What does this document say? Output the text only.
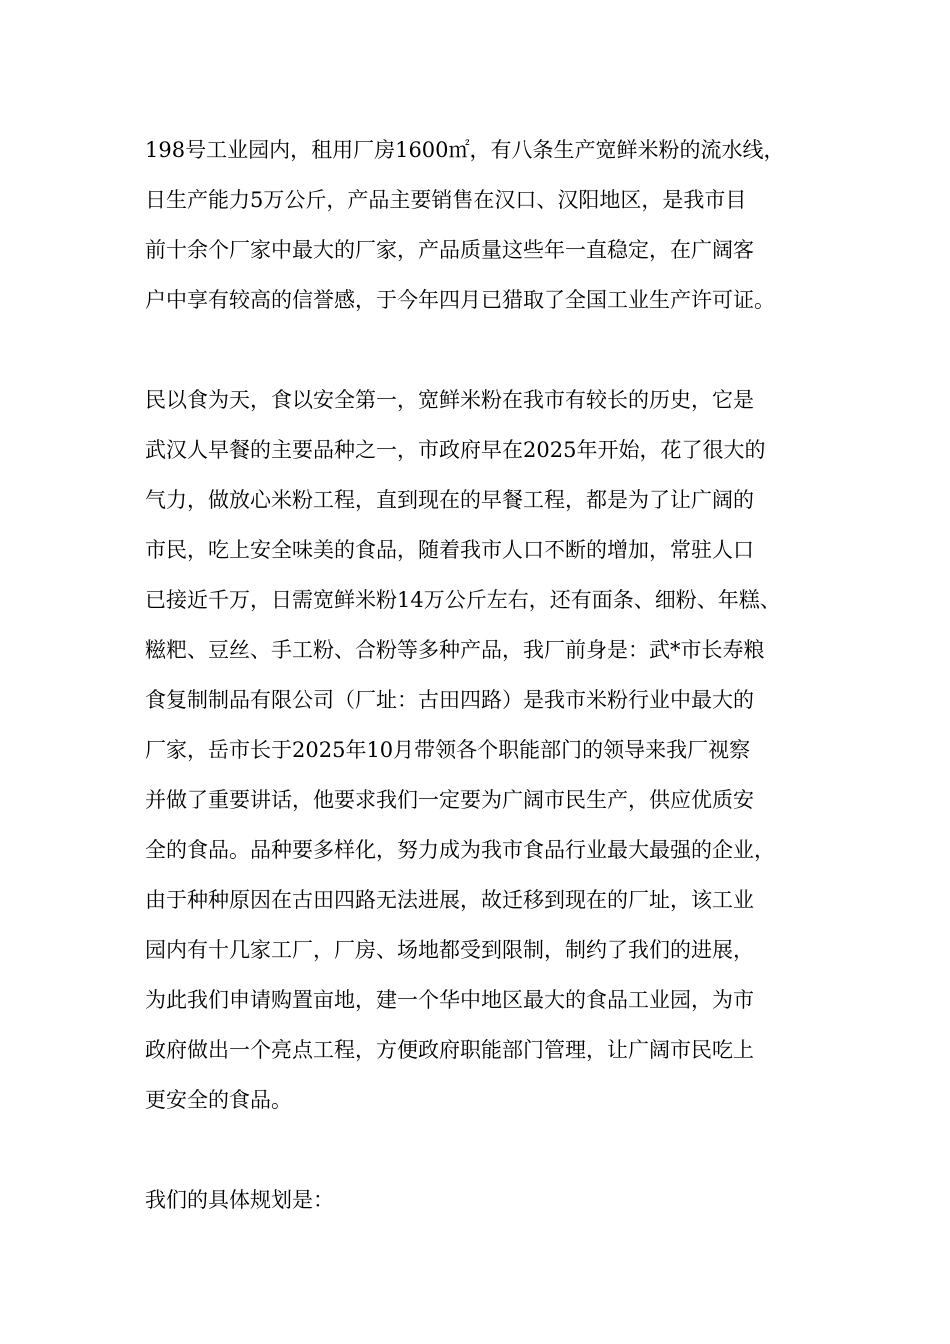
198号工业园内，租用厂房1600㎡，有八条生产宽鲜米粉的流水线，
日生产能力5万公斤，产品主要销售在汉口、汉阳地区，是我市目
前十余个厂家中最大的厂家，产品质量这些年一直稳定，在广阔客
户中享有较高的信誉感，于今年四月已猎取了全国工业生产许可证。
民以食为天，食以安全第一，宽鲜米粉在我市有较长的历史，它是
武汉人早餐的主要品种之一，市政府早在2025年开始，花了很大的
气力，做放心米粉工程，直到现在的早餐工程，都是为了让广阔的
市民，吃上安全味美的食品，随着我市人口不断的增加，常驻人口
已接近千万，日需宽鲜米粉14万公斤左右，还有面条、细粉、年糕、
糍粑、豆丝、手工粉、合粉等多种产品，我厂前身是：武*市长寿粮
食复制制品有限公司（厂址：古田四路）是我市米粉行业中最大的
厂家，岳市长于2025年10月带领各个职能部门的领导来我厂视察
并做了重要讲话，他要求我们一定要为广阔市民生产，供应优质安
全的食品。品种要多样化，努力成为我市食品行业最大最强的企业，
由于种种原因在古田四路无法进展，故迁移到现在的厂址，该工业
园内有十几家工厂，厂房、场地都受到限制，制约了我们的进展，
为此我们申请购置亩地，建一个华中地区最大的食品工业园，为市
政府做出一个亮点工程，方便政府职能部门管理，让广阔市民吃上
更安全的食品。
我们的具体规划是：
